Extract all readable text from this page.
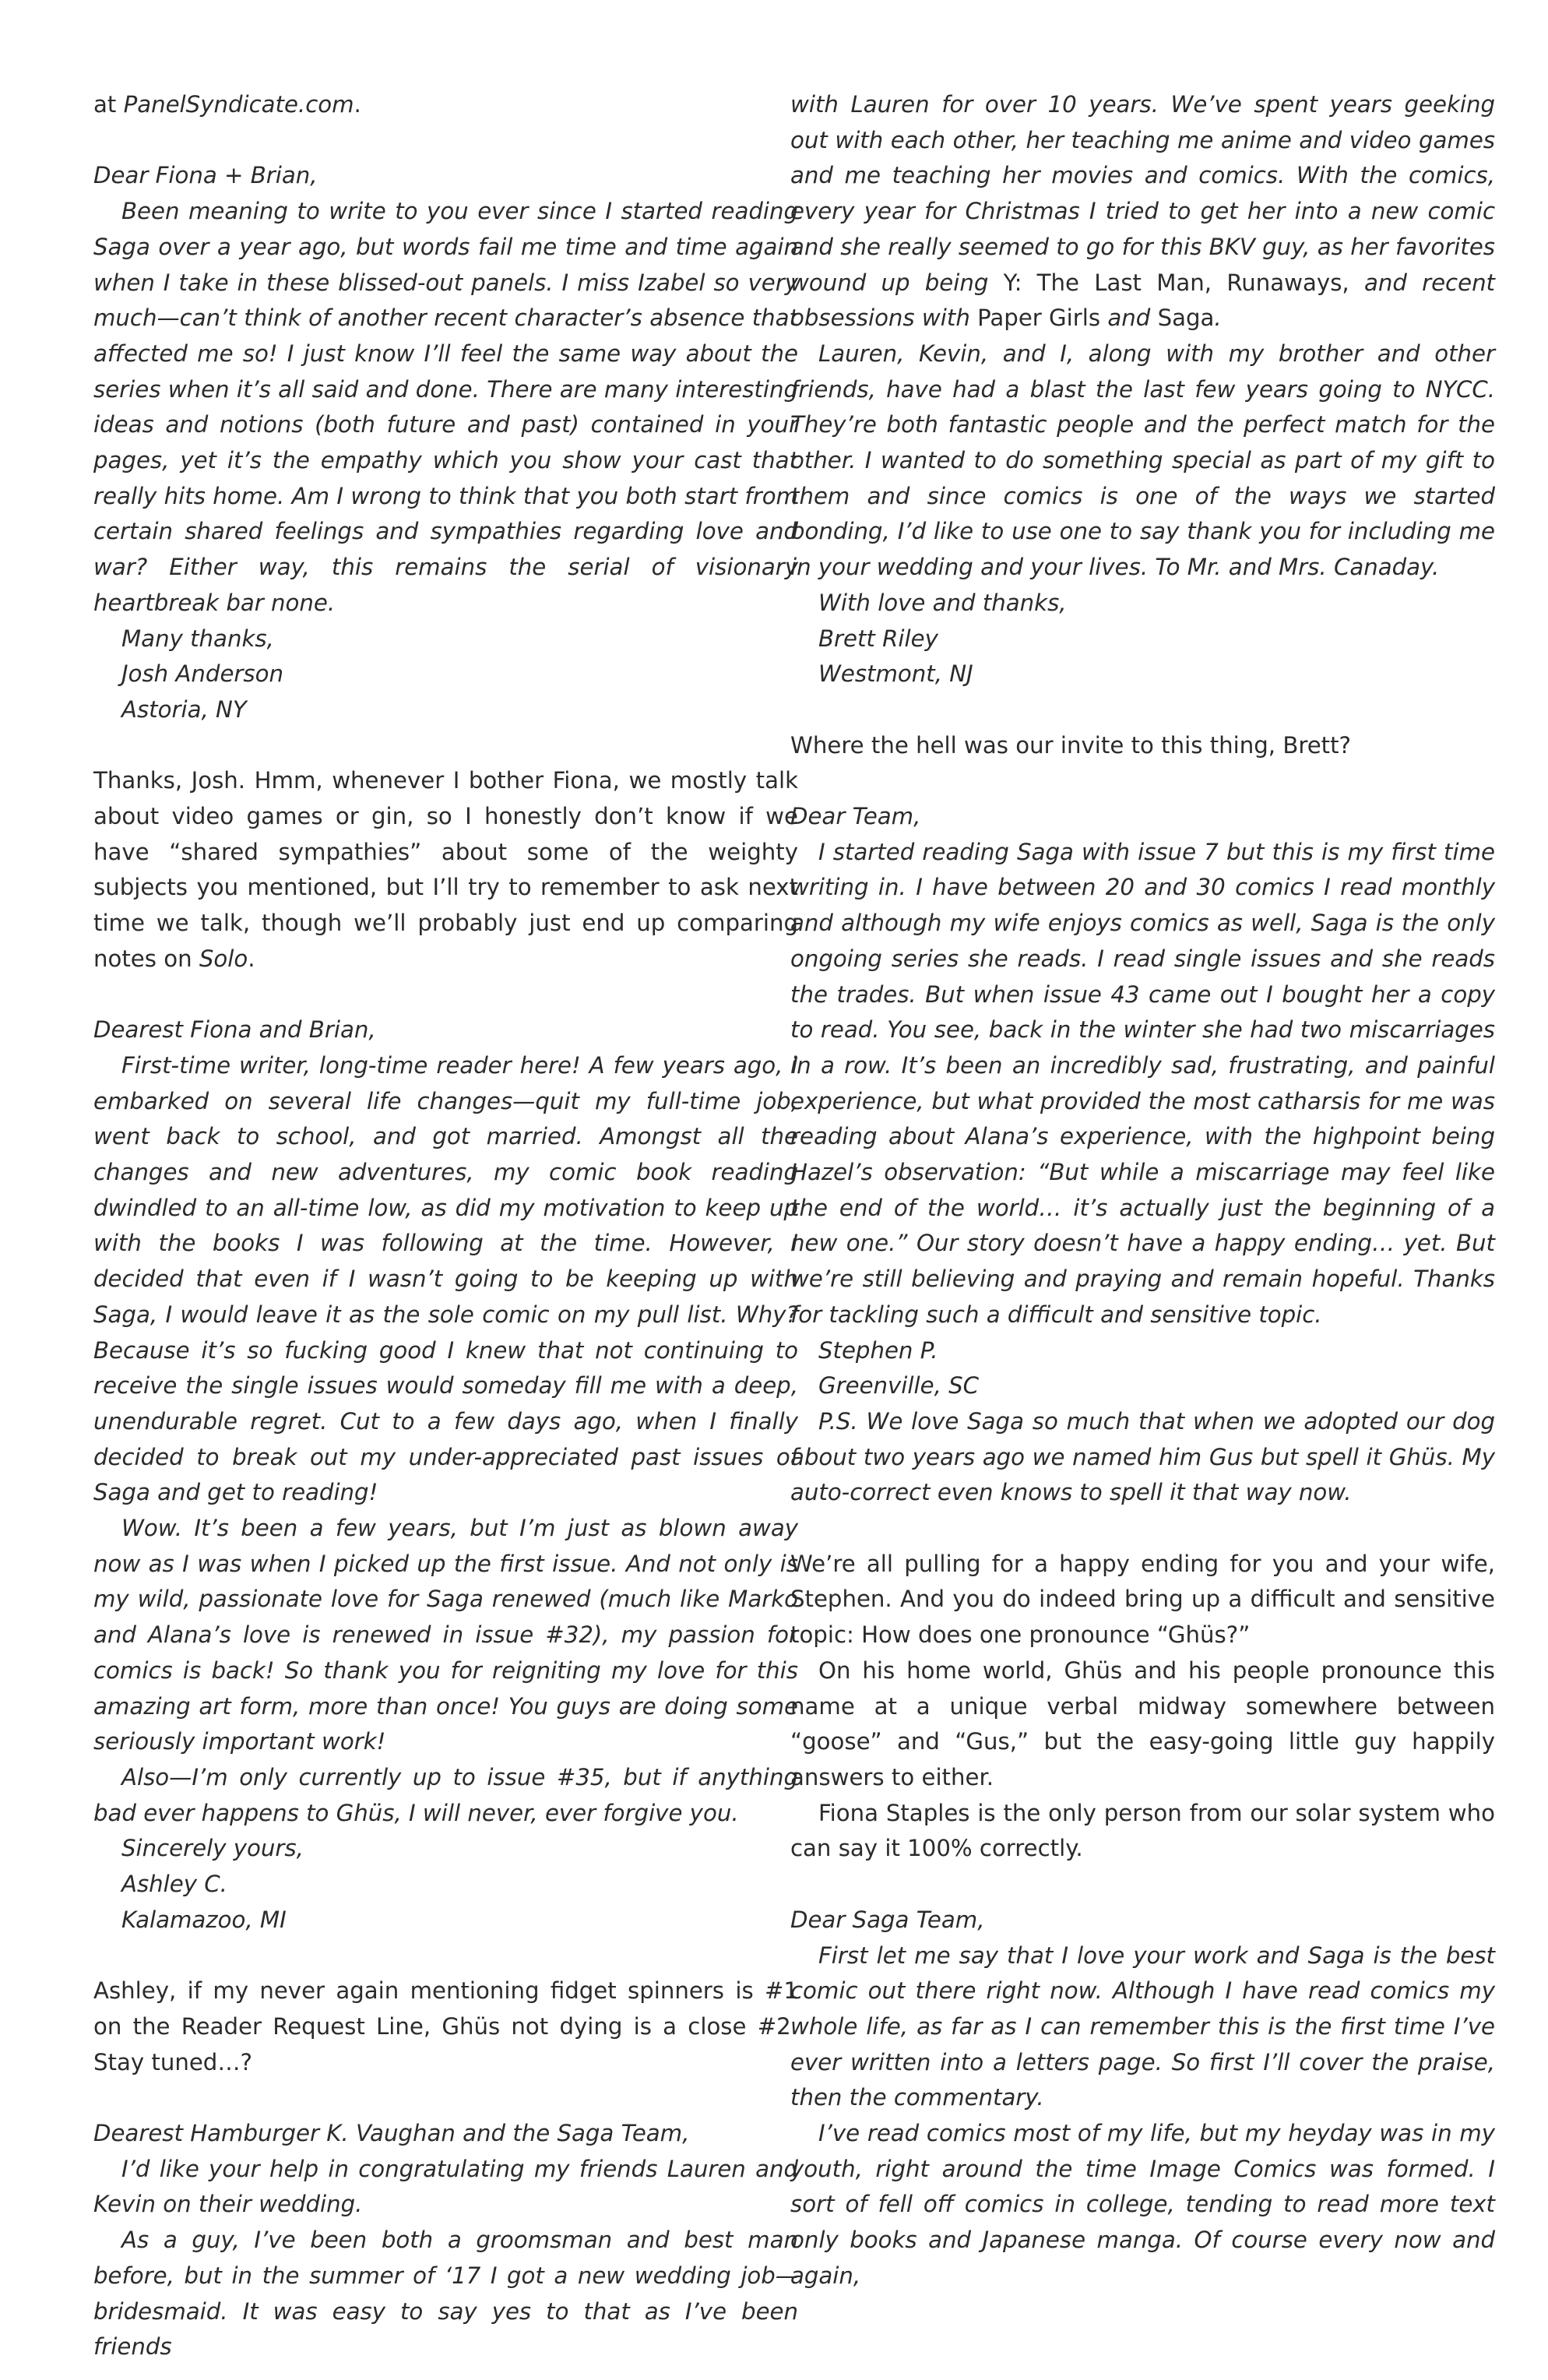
at PanelSyndicate.com.

Dear Fiona + Brian,

Been meaning to write to you ever since I started reading Saga over a year ago, but words fail me time and time again when I take in these blissed-out panels. I miss Izabel so very much—can’t think of another recent character’s absence that affected me so! I just know I’ll feel the same way about the series when it’s all said and done. There are many interesting ideas and notions (both future and past) contained in your pages, yet it’s the empathy which you show your cast that really hits home. Am I wrong to think that you both start from certain shared feelings and sympathies regarding love and war? Either way, this remains the serial of visionary heartbreak bar none.

Many thanks,

Josh Anderson

Astoria, NY

Thanks, Josh. Hmm, whenever I bother Fiona, we mostly talk about video games or gin, so I honestly don’t know if we have “shared sympathies” about some of the weighty subjects you mentioned, but I’ll try to remember to ask next time we talk, though we’ll probably just end up comparing notes on Solo.

Dearest Fiona and Brian,

First-time writer, long-time reader here! A few years ago, I embarked on several life changes—quit my full-time job, went back to school, and got married. Amongst all the changes and new adventures, my comic book reading dwindled to an all-time low, as did my motivation to keep up with the books I was following at the time. However, I decided that even if I wasn’t going to be keeping up with Saga, I would leave it as the sole comic on my pull list. Why? Because it’s so fucking good I knew that not continuing to receive the single issues would someday fill me with a deep, unendurable regret. Cut to a few days ago, when I finally decided to break out my under-appreciated past issues of Saga and get to reading!

Wow. It’s been a few years, but I’m just as blown away now as I was when I picked up the first issue. And not only is my wild, passionate love for Saga renewed (much like Marko and Alana’s love is renewed in issue #32), my passion for comics is back! So thank you for reigniting my love for this amazing art form, more than once! You guys are doing some seriously important work!

Also—I’m only currently up to issue #35, but if anything bad ever happens to Ghüs, I will never, ever forgive you.

Sincerely yours,

Ashley C.

Kalamazoo, MI

Ashley, if my never again mentioning fidget spinners is #1 on the Reader Request Line, Ghüs not dying is a close #2. Stay tuned…?

Dearest Hamburger K. Vaughan and the Saga Team,

I’d like your help in congratulating my friends Lauren and Kevin on their wedding.

As a guy, I’ve been both a groomsman and best man before, but in the summer of ‘17 I got a new wedding job—bridesmaid. It was easy to say yes to that as I’ve been friends

with Lauren for over 10 years. We’ve spent years geeking out with each other, her teaching me anime and video games and me teaching her movies and comics. With the comics, every year for Christmas I tried to get her into a new comic and she really seemed to go for this BKV guy, as her favorites wound up being Y: The Last Man, Runaways, and recent obsessions with Paper Girls and Saga.

Lauren, Kevin, and I, along with my brother and other friends, have had a blast the last few years going to NYCC. They’re both fantastic people and the perfect match for the other. I wanted to do something special as part of my gift to them and since comics is one of the ways we started bonding, I’d like to use one to say thank you for including me in your wedding and your lives. To Mr. and Mrs. Canaday.

With love and thanks,

Brett Riley

Westmont, NJ

Where the hell was our invite to this thing, Brett?

Dear Team,

I started reading Saga with issue 7 but this is my first time writing in. I have between 20 and 30 comics I read monthly and although my wife enjoys comics as well, Saga is the only ongoing series she reads. I read single issues and she reads the trades. But when issue 43 came out I bought her a copy to read. You see, back in the winter she had two miscarriages in a row. It’s been an incredibly sad, frustrating, and painful experience, but what provided the most catharsis for me was reading about Alana’s experience, with the highpoint being Hazel’s observation: “But while a miscarriage may feel like the end of the world… it’s actually just the beginning of a new one.” Our story doesn’t have a happy ending… yet. But we’re still believing and praying and remain hopeful. Thanks for tackling such a difficult and sensitive topic.

Stephen P.

Greenville, SC

P.S. We love Saga so much that when we adopted our dog about two years ago we named him Gus but spell it Ghüs. My auto-correct even knows to spell it that way now.

We’re all pulling for a happy ending for you and your wife, Stephen. And you do indeed bring up a difficult and sensitive topic: How does one pronounce “Ghüs?”

On his home world, Ghüs and his people pronounce this name at a unique verbal midway somewhere between “goose” and “Gus,” but the easy-going little guy happily answers to either.

Fiona Staples is the only person from our solar system who can say it 100% correctly.

Dear Saga Team,

First let me say that I love your work and Saga is the best comic out there right now. Although I have read comics my whole life, as far as I can remember this is the first time I’ve ever written into a letters page. So first I’ll cover the praise, then the commentary.

I’ve read comics most of my life, but my heyday was in my youth, right around the time Image Comics was formed. I sort of fell off comics in college, tending to read more text only books and Japanese manga. Of course every now and again,
